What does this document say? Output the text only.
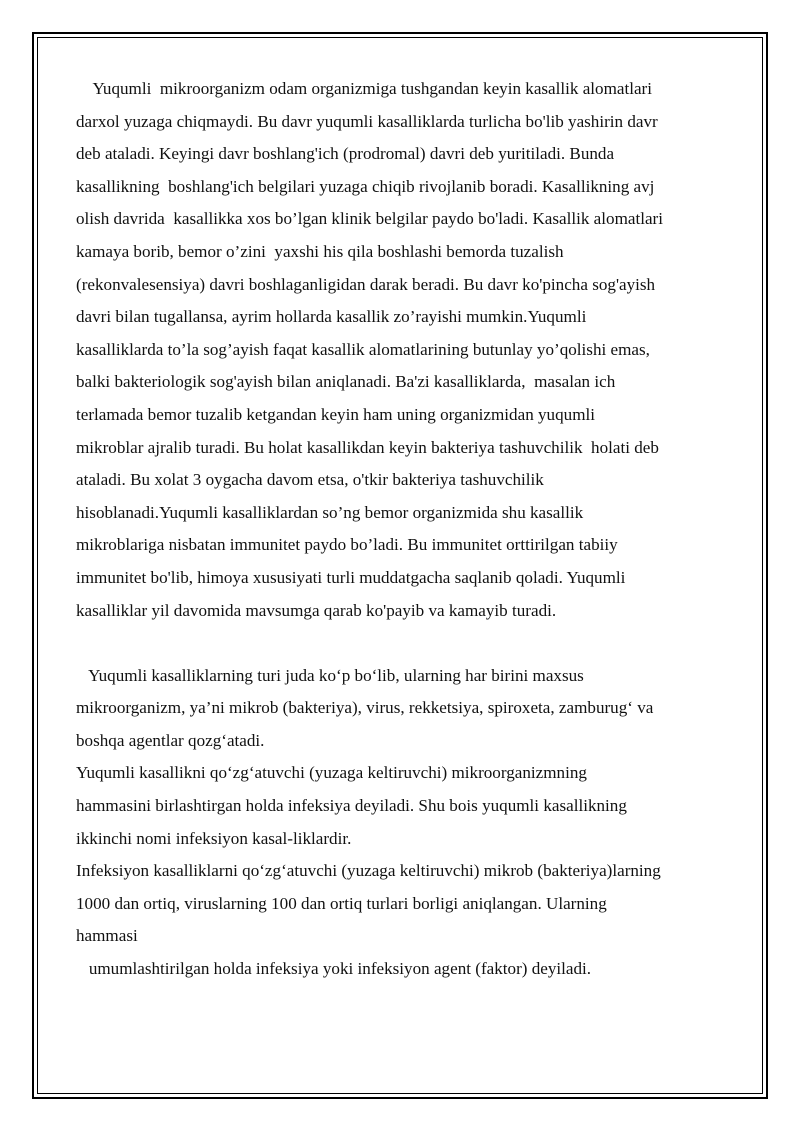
Yuqumli  mikroorganizm odam organizmiga tushgandan keyin kasallik alomatlari

darxol yuzaga chiqmaydi. Bu davr yuqumli kasalliklarda turlicha bo'lib yashirin davr

deb ataladi. Keyingi davr boshlang'ich (prodromal) davri deb yuritiladi. Bunda

kasallikning  boshlang'ich belgilari yuzaga chiqib rivojlanib boradi. Kasallikning avj

olish davrida  kasallikka xos bo’lgan klinik belgilar paydo bo'ladi. Kasallik alomatlari

kamaya borib, bemor o’zini  yaxshi his qila boshlashi bemorda tuzalish

(rekonvalesensiya) davri boshlaganligidan darak beradi. Bu davr ko'pincha sog'ayish

davri bilan tugallansa, ayrim hollarda kasallik zo’rayishi mumkin.Yuqumli

kasalliklarda to’la sog’ayish faqat kasallik alomatlarining butunlay yo’qolishi emas,

balki bakteriologik sog'ayish bilan aniqlanadi. Ba'zi kasalliklarda,  masalan ich

terlamada bemor tuzalib ketgandan keyin ham uning organizmidan yuqumli

mikroblar ajralib turadi. Bu holat kasallikdan keyin bakteriya tashuvchilik  holati deb

ataladi. Bu xolat 3 oygacha davom etsa, o'tkir bakteriya tashuvchilik

hisoblanadi.Yuqumli kasalliklardan so’ng bemor organizmida shu kasallik

mikroblariga nisbatan immunitet paydo bo’ladi. Bu immunitet orttirilgan tabiiy

immunitet bo'lib, himoya xususiyati turli muddatgacha saqlanib qoladi. Yuqumli

kasalliklar yil davomida mavsumga qarab ko'payib va kamayib turadi.

Yuqumli kasalliklarning turi juda ko‘p bo‘lib, ularning har birini maxsus

mikroorganizm, ya’ni mikrob (bakteriya), virus, rekketsiya, spiroxeta, zamburug‘ va

boshqa agentlar qozg‘atadi.

Yuqumli kasallikni qo‘zg‘atuvchi (yuzaga keltiruvchi) mikroorganizmning

hammasini birlashtirgan holda infeksiya deyiladi. Shu bois yuqumli kasallikning

ikkinchi nomi infeksiyon kasal-liklardir.

Infeksiyon kasalliklarni qo‘zg‘atuvchi (yuzaga keltiruvchi) mikrob (bakteriya)larning

1000 dan ortiq, viruslarning 100 dan ortiq turlari borligi aniqlangan. Ularning

hammasi

umumlashtirilgan holda infeksiya yoki infeksiyon agent (faktor) deyiladi.
